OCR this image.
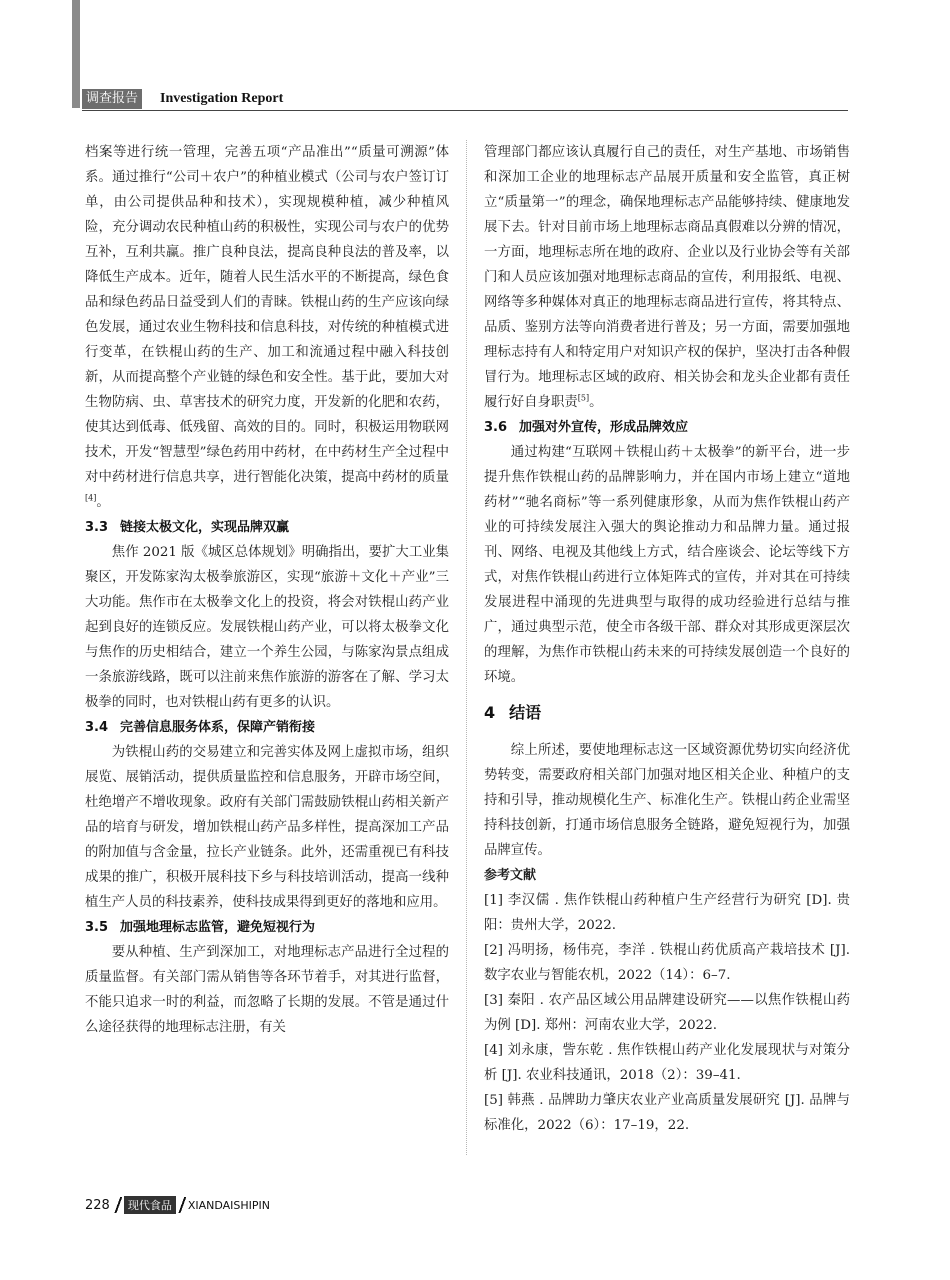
调查报告 Investigation Report

档案等进行统一管理，完善五项“产品准出”“质量可溯源”体系。通过推行“公司＋农户”的种植业模式（公司与农户签订订单，由公司提供品种和技术），实现规模种植，减少种植风险，充分调动农民种植山药的积极性，实现公司与农户的优势互补，互利共赢。推广良种良法，提高良种良法的普及率，以降低生产成本。近年，随着人民生活水平的不断提高，绿色食品和绿色药品日益受到人们的青睐。铁棍山药的生产应该向绿色发展，通过农业生物科技和信息科技，对传统的种植模式进行变革，在铁棍山药的生产、加工和流通过程中融入科技创新，从而提高整个产业链的绿色和安全性。基于此，要加大对生物防病、虫、草害技术的研究力度，开发新的化肥和农药，使其达到低毒、低残留、高效的目的。同时，积极运用物联网技术，开发“智慧型”绿色药用中药材，在中药材生产全过程中对中药材进行信息共享，进行智能化决策，提高中药材的质量[4]。

3.3 链接太极文化，实现品牌双赢

焦作 2021 版《城区总体规划》明确指出，要扩大工业集聚区，开发陈家沟太极拳旅游区，实现“旅游＋文化＋产业”三大功能。焦作市在太极拳文化上的投资，将会对铁棍山药产业起到良好的连锁反应。发展铁棍山药产业，可以将太极拳文化与焦作的历史相结合，建立一个养生公园，与陈家沟景点组成一条旅游线路，既可以注前来焦作旅游的游客在了解、学习太极拳的同时，也对铁棍山药有更多的认识。

3.4 完善信息服务体系，保障产销衔接

为铁棍山药的交易建立和完善实体及网上虚拟市场，组织展览、展销活动，提供质量监控和信息服务，开辟市场空间，杜绝增产不增收现象。政府有关部门需鼓励铁棍山药相关新产品的培育与研发，增加铁棍山药产品多样性，提高深加工产品的附加值与含金量，拉长产业链条。此外，还需重视已有科技成果的推广，积极开展科技下乡与科技培训活动，提高一线种植生产人员的科技素养，使科技成果得到更好的落地和应用。

3.5 加强地理标志监管，避免短视行为

要从种植、生产到深加工，对地理标志产品进行全过程的质量监督。有关部门需从销售等各环节着手，对其进行监督，不能只追求一时的利益，而忽略了长期的发展。不管是通过什么途径获得的地理标志注册，有关

管理部门都应该认真履行自己的责任，对生产基地、市场销售和深加工企业的地理标志产品展开质量和安全监管，真正树立“质量第一”的理念，确保地理标志产品能够持续、健康地发展下去。针对目前市场上地理标志商品真假难以分辨的情况，一方面，地理标志所在地的政府、企业以及行业协会等有关部门和人员应该加强对地理标志商品的宣传，利用报纸、电视、网络等多种媒体对真正的地理标志商品进行宣传，将其特点、品质、鉴别方法等向消费者进行普及；另一方面，需要加强地理标志持有人和特定用户对知识产权的保护，坚决打击各种假冒行为。地理标志区域的政府、相关协会和龙头企业都有责任履行好自身职责[5]。

3.6 加强对外宣传，形成品牌效应

通过构建“互联网＋铁棍山药＋太极拳”的新平台，进一步提升焦作铁棍山药的品牌影响力，并在国内市场上建立“道地药材”“驰名商标”等一系列健康形象，从而为焦作铁棍山药产业的可持续发展注入强大的舆论推动力和品牌力量。通过报刊、网络、电视及其他线上方式，结合座谈会、论坛等线下方式，对焦作铁棍山药进行立体矩阵式的宣传，并对其在可持续发展进程中涌现的先进典型与取得的成功经验进行总结与推广，通过典型示范，使全市各级干部、群众对其形成更深层次的理解，为焦作市铁棍山药未来的可持续发展创造一个良好的环境。

4 结语

综上所述，要使地理标志这一区域资源优势切实向经济优势转变，需要政府相关部门加强对地区相关企业、种植户的支持和引导，推动规模化生产、标准化生产。铁棍山药企业需坚持科技创新，打通市场信息服务全链路，避免短视行为，加强品牌宣传。

参考文献

[1] 李汉儒 . 焦作铁棍山药种植户生产经营行为研究 [D]. 贵阳：贵州大学，2022.

[2] 冯明扬，杨伟亮，李洋 . 铁棍山药优质高产栽培技术 [J]. 数字农业与智能农机，2022（14）：6–7.

[3] 秦阳 . 农产品区域公用品牌建设研究——以焦作铁棍山药为例 [D]. 郑州：河南农业大学，2022.

[4] 刘永康，訾东乾 . 焦作铁棍山药产业化发展现状与对策分析 [J]. 农业科技通讯，2018（2）：39–41.

[5] 韩燕 . 品牌助力肇庆农业产业高质量发展研究 [J]. 品牌与标准化，2022（6）：17–19，22.

228	现代食品	XIANDAISHIPIN
